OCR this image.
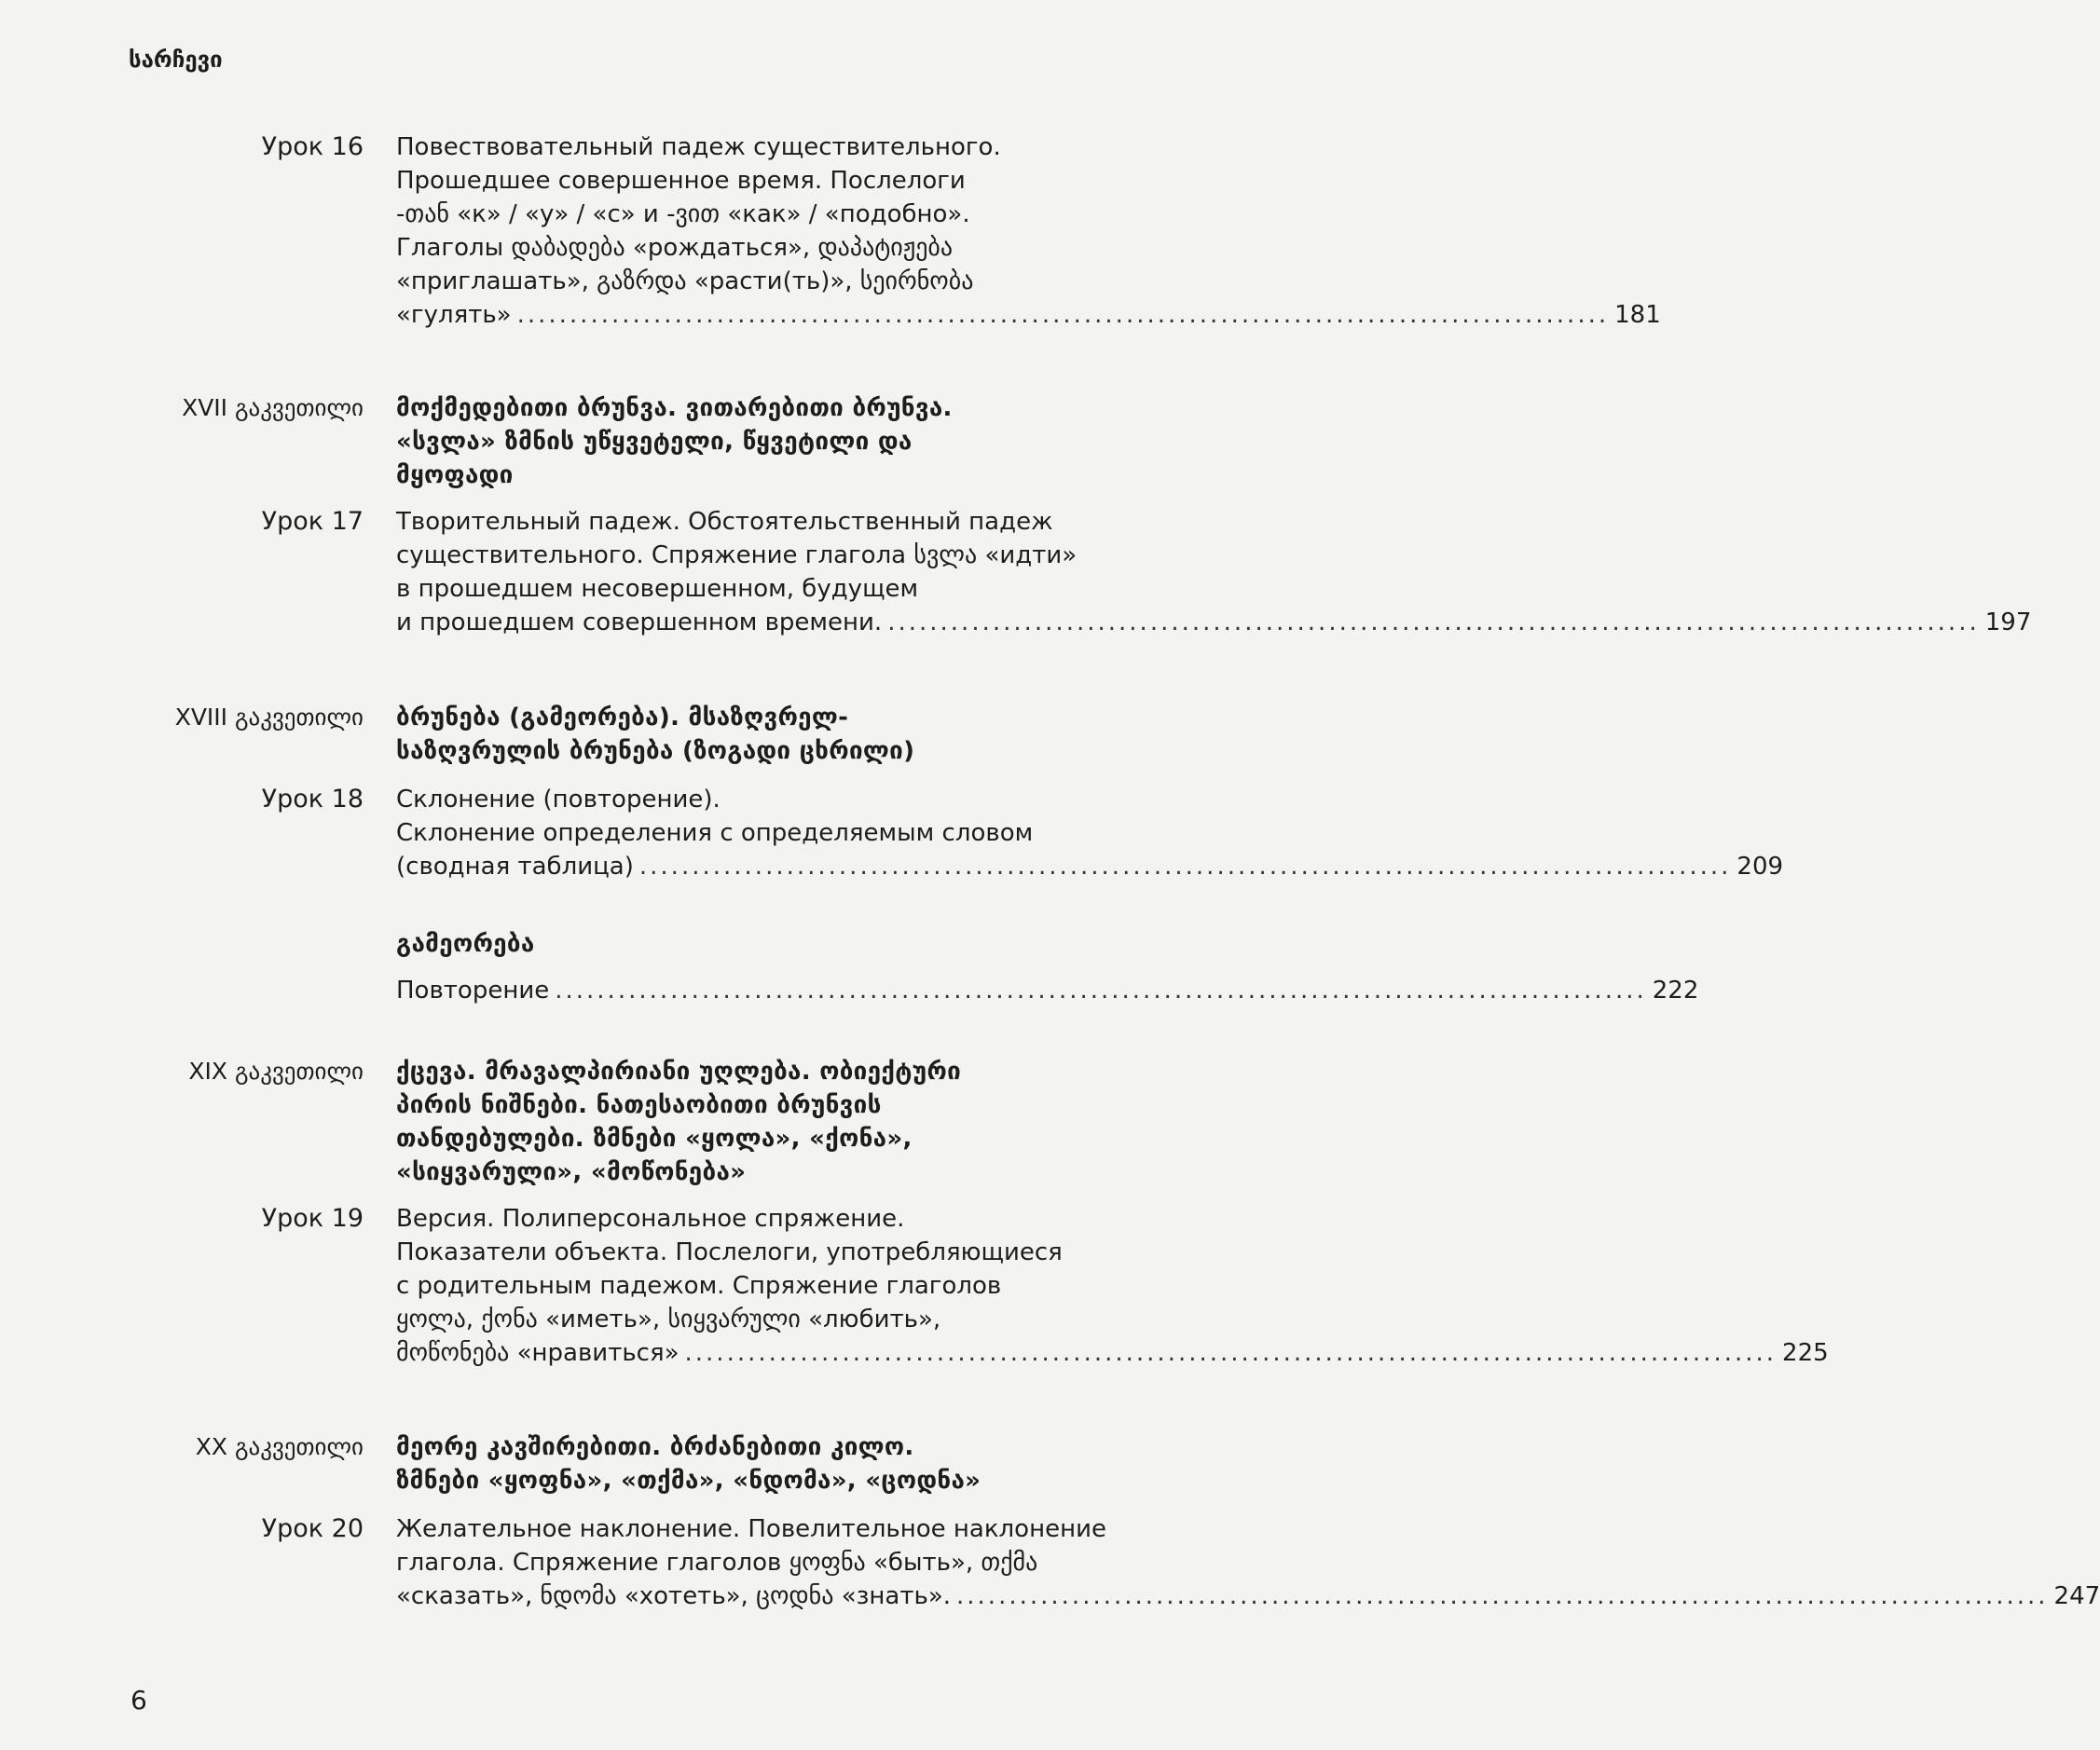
სარჩევი
Урок 16 Повествовательный падеж существительного.

Прошедшее совершенное время. Послелоги

-თან «к» / «у» / «с» и -ვით «как» / «подобно».

Глаголы დაბადება «рождаться», დაპატიჟება

«приглашать», გაზრდა «расти(ть)», სეირნობა

«гулять» ........................................................................................................ 181
XVII გაკვეთილი მოქმედებითი ბრუნვა. ვითარებითი ბრუნვა.

«სვლა» ზმნის უწყვეტელი, წყვეტილი და

მყოფადი

Урок 17 Творительный падеж. Обстоятельственный падеж

существительного. Спряжение глагола სვლა «идти»

в прошедшем несовершенном, будущем

и прошедшем совершенном времени. ........................................................................................................ 197
XVIII გაკვეთილი ბრუნება (გამეორება). მსაზღვრელ-

საზღვრულის ბრუნება (ზოგადი ცხრილი)

Урок 18 Склонение (повторение).

Склонение определения с определяемым словом

(сводная таблица) ........................................................................................................ 209

გამეორება

Повторение ........................................................................................................ 222
XIX გაკვეთილი ქცევა. მრავალპირიანი უღლება. ობიექტური

პირის ნიშნები. ნათესაობითი ბრუნვის

თანდებულები. ზმნები «ყოლა», «ქონა»,

«სიყვარული», «მოწონება»

Урок 19 Версия. Полиперсональное спряжение.

Показатели объекта. Послелоги, употребляющиеся

с родительным падежом. Спряжение глаголов

ყოლა, ქონა «иметь», სიყვარული «любить»,

მოწონება «нравиться» ........................................................................................................ 225
XX გაკვეთილი მეორე კავშირებითი. ბრძანებითი კილო.

ზმნები «ყოფნა», «თქმა», «ნდომა», «ცოდნა»

Урок 20 Желательное наклонение. Повелительное наклонение

глагола. Спряжение глаголов ყოფნა «быть», თქმა

«сказать», ნდომა «хотеть», ცოდნა «знать». ........................................................................................................ 247
6
